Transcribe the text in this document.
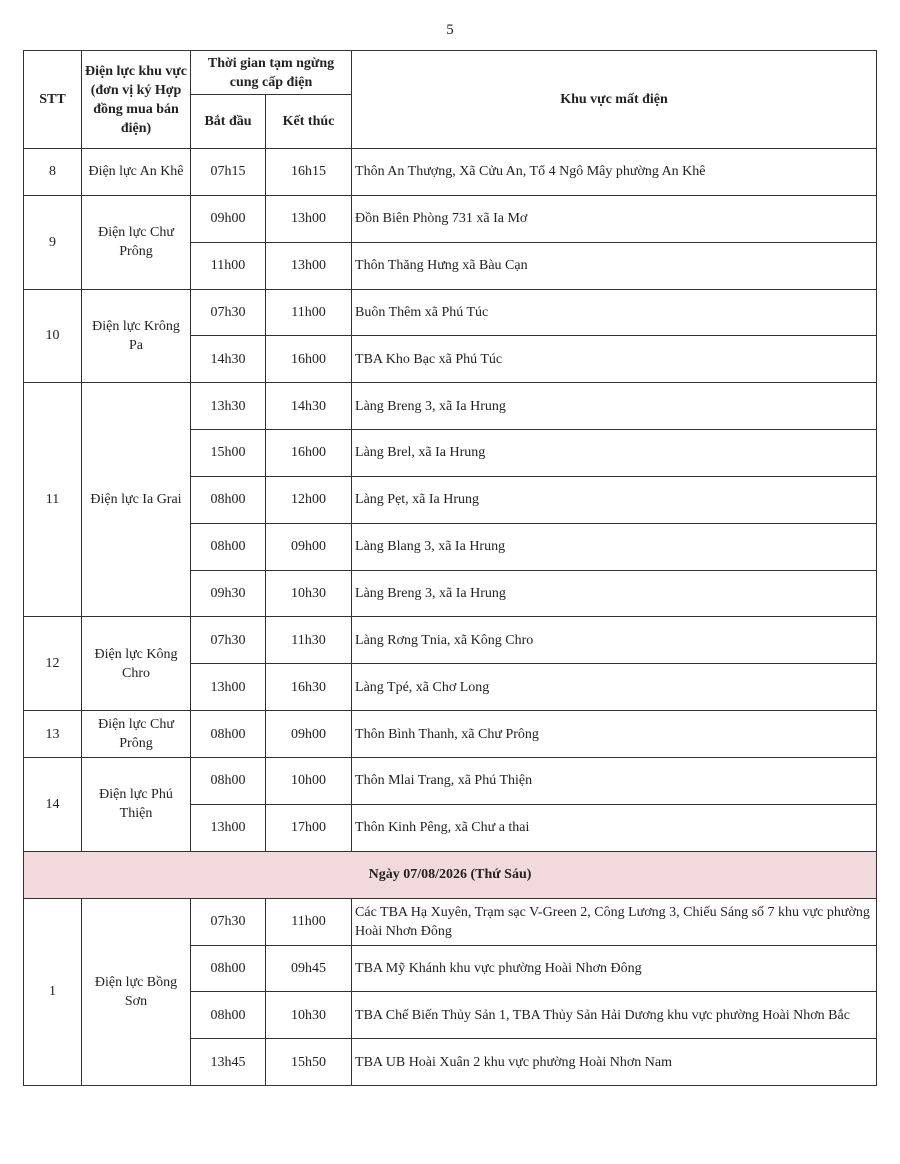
5
STT	Điện lực khu vực (đơn vị ký Hợp đồng mua bán điện)	Thời gian tạm ngừng cung cấp điện		Khu vực mất điện
		Bắt đầu	Kết thúc	
8	Điện lực An Khê	07h15	16h15	Thôn An Thượng, Xã Cửu An, Tổ 4 Ngô Mây phường An Khê
9	Điện lực Chư Prông	09h00	13h00	Đồn Biên Phòng 731 xã Ia Mơ
		11h00	13h00	Thôn Thăng Hưng xã Bàu Cạn
10	Điện lực Krông Pa	07h30	11h00	Buôn Thêm xã Phú Túc
		14h30	16h00	TBA Kho Bạc xã Phú Túc
11	Điện lực Ia Grai	13h30	14h30	Làng Breng 3, xã Ia Hrung
		15h00	16h00	Làng Brel, xã Ia Hrung
		08h00	12h00	Làng Pẹt, xã Ia Hrung
		08h00	09h00	Làng Blang 3, xã Ia Hrung
		09h30	10h30	Làng Breng 3, xã Ia Hrung
12	Điện lực Kông Chro	07h30	11h30	Làng Rơng Tnia, xã Kông Chro
		13h00	16h30	Làng Tpé, xã Chơ Long
13	Điện lực Chư Prông	08h00	09h00	Thôn Bình Thanh, xã Chư Prông
14	Điện lực Phú Thiện	08h00	10h00	Thôn Mlai Trang, xã Phú Thiện
		13h00	17h00	Thôn Kinh Pêng, xã Chư a thai
Ngày 07/08/2026 (Thứ Sáu)				
1	Điện lực Bồng Sơn	07h30	11h00	Các TBA Hạ Xuyên, Trạm sạc V-Green 2, Công Lương 3, Chiếu Sáng số 7 khu vực phường Hoài Nhơn Đông
		08h00	09h45	TBA Mỹ Khánh khu vực phường Hoài Nhơn Đông
		08h00	10h30	TBA Chế Biến Thủy Sản 1, TBA Thủy Sản Hải Dương khu vực phường Hoài Nhơn Bắc
		13h45	15h50	TBA UB Hoài Xuân 2 khu vực phường Hoài Nhơn Nam
